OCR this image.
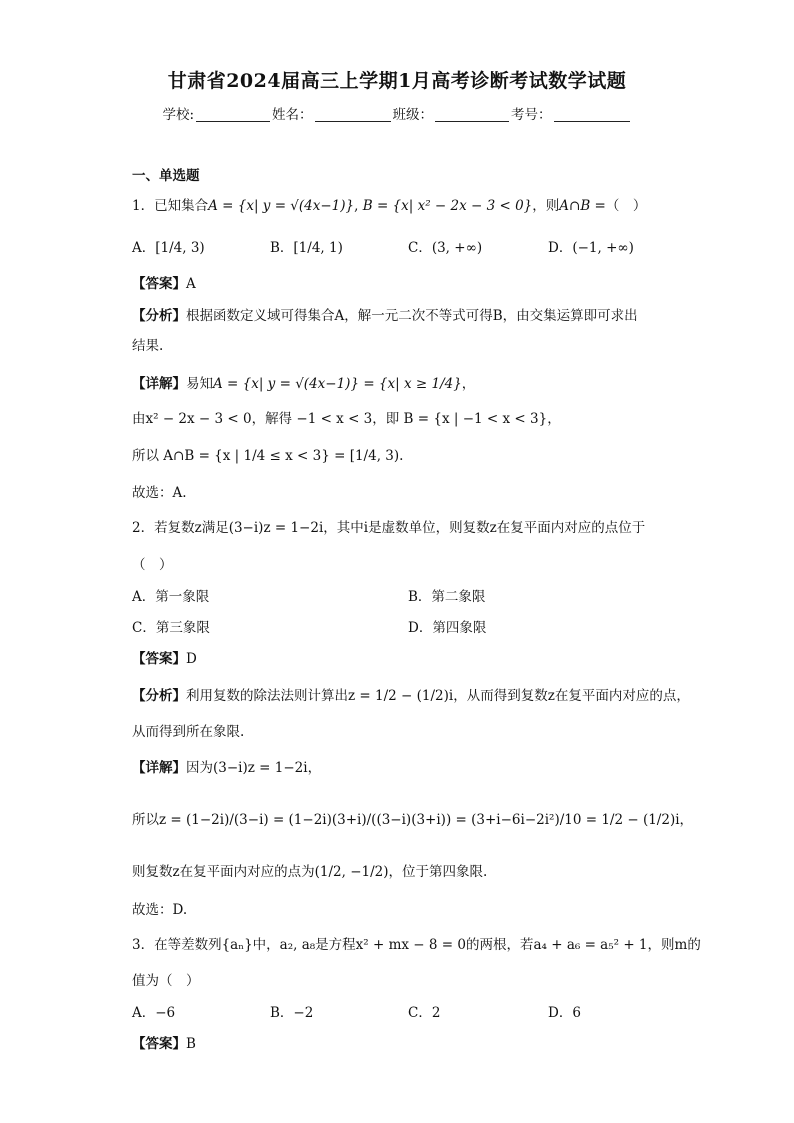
甘肃省2024届高三上学期1月高考诊断考试数学试题
学校:	姓名：	班级：	考号：
一、单选题
1．已知集合A = {x| y = √(4x−1)}, B = {x| x² − 2x − 3 < 0}，则A∩B =（　）
A．[1/4, 3)	B．[1/4, 1)	C．(3, +∞)	D．(−1, +∞)
【答案】A
【分析】根据函数定义域可得集合A，解一元二次不等式可得B，由交集运算即可求出
结果.
【详解】易知A = {x| y = √(4x−1)} = {x| x ≥ 1/4}，
由x² − 2x − 3 < 0，解得 −1 < x < 3，即 B = {x | −1 < x < 3}，
所以 A∩B = {x | 1/4 ≤ x < 3} = [1/4, 3).
故选：A.
2．若复数z满足(3−i)z = 1−2i，其中i是虚数单位，则复数z在复平面内对应的点位于
（　）
A．第一象限	B．第二象限
C．第三象限	D．第四象限
【答案】D
【分析】利用复数的除法法则计算出z = 1/2 − (1/2)i，从而得到复数z在复平面内对应的点，
从而得到所在象限.
【详解】因为(3−i)z = 1−2i，
所以z = (1−2i)/(3−i) = (1−2i)(3+i)/((3−i)(3+i)) = (3+i−6i−2i²)/10 = 1/2 − (1/2)i，
则复数z在复平面内对应的点为(1/2, −1/2)，位于第四象限.
故选：D.
3．在等差数列{aₙ}中，a₂, a₈是方程x² + mx − 8 = 0的两根，若a₄ + a₆ = a₅² + 1，则m的
值为（　）
A．−6	B．−2	C．2	D．6
【答案】B
